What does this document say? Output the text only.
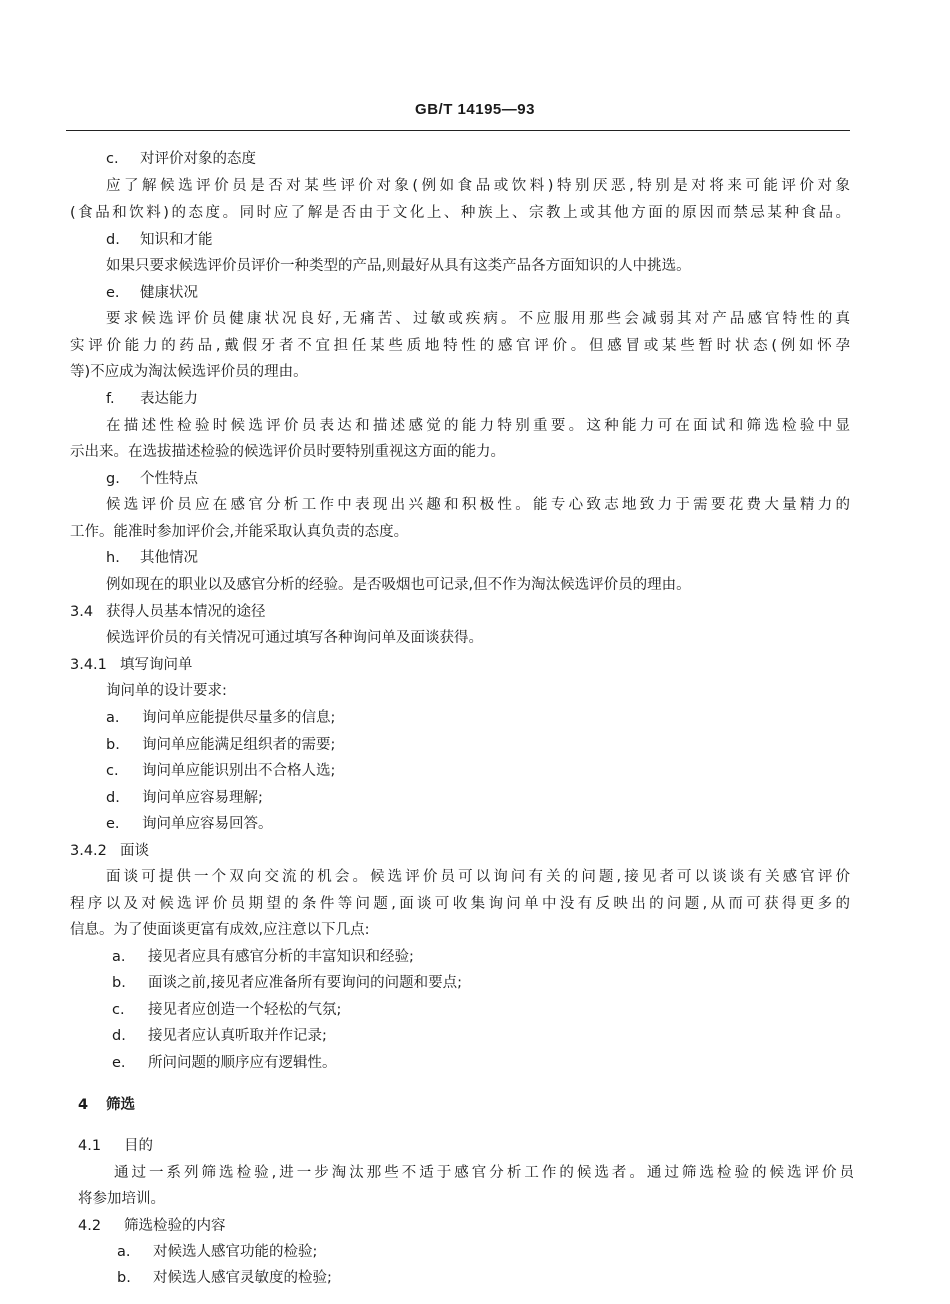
GB/T 14195—93
c. 对评价对象的态度
应了解候选评价员是否对某些评价对象(例如食品或饮料)特别厌恶,特别是对将来可能评价对象
(食品和饮料)的态度。同时应了解是否由于文化上、种族上、宗教上或其他方面的原因而禁忌某种食品。
d. 知识和才能
如果只要求候选评价员评价一种类型的产品,则最好从具有这类产品各方面知识的人中挑选。
e. 健康状况
要求候选评价员健康状况良好,无痛苦、过敏或疾病。不应服用那些会减弱其对产品感官特性的真
实评价能力的药品,戴假牙者不宜担任某些质地特性的感官评价。但感冒或某些暂时状态(例如怀孕
等)不应成为淘汰候选评价员的理由。
f. 表达能力
在描述性检验时候选评价员表达和描述感觉的能力特别重要。这种能力可在面试和筛选检验中显
示出来。在选拔描述检验的候选评价员时要特别重视这方面的能力。
g. 个性特点
候选评价员应在感官分析工作中表现出兴趣和积极性。能专心致志地致力于需要花费大量精力的
工作。能准时参加评价会,并能采取认真负责的态度。
h. 其他情况
例如现在的职业以及感官分析的经验。是否吸烟也可记录,但不作为淘汰候选评价员的理由。
3.4 获得人员基本情况的途径
候选评价员的有关情况可通过填写各种询问单及面谈获得。
3.4.1 填写询问单
询问单的设计要求:
a. 询问单应能提供尽量多的信息;
b. 询问单应能满足组织者的需要;
c. 询问单应能识别出不合格人选;
d. 询问单应容易理解;
e. 询问单应容易回答。
3.4.2 面谈
面谈可提供一个双向交流的机会。候选评价员可以询问有关的问题,接见者可以谈谈有关感官评价
程序以及对候选评价员期望的条件等问题,面谈可收集询问单中没有反映出的问题,从而可获得更多的
信息。为了使面谈更富有成效,应注意以下几点:
a. 接见者应具有感官分析的丰富知识和经验;
b. 面谈之前,接见者应准备所有要询问的问题和要点;
c. 接见者应创造一个轻松的气氛;
d. 接见者应认真听取并作记录;
e. 所问问题的顺序应有逻辑性。
4 筛选
4.1 目的
通过一系列筛选检验,进一步淘汰那些不适于感官分析工作的候选者。通过筛选检验的候选评价员
将参加培训。
4.2 筛选检验的内容
a. 对候选人感官功能的检验;
b. 对候选人感官灵敏度的检验;
